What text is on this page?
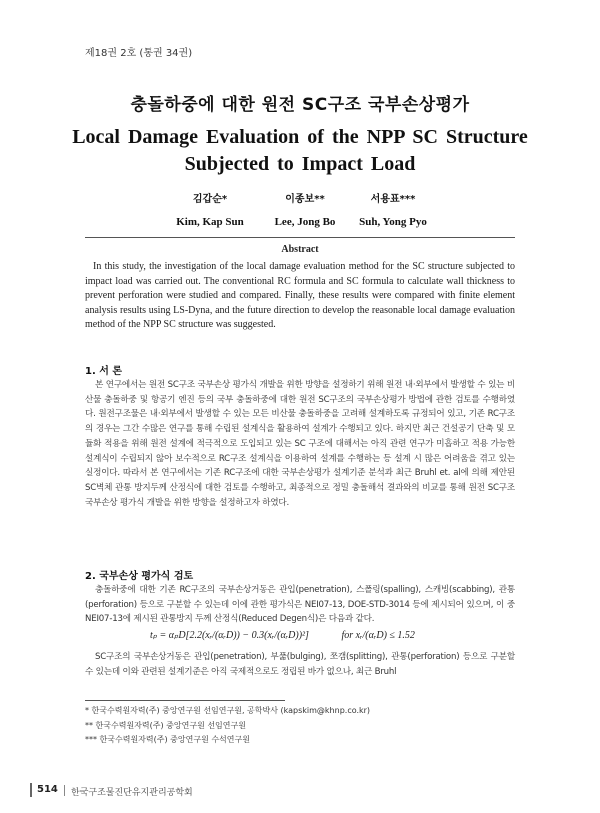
제18권 2호 (통권 34권)
충돌하중에 대한 원전 SC구조 국부손상평가
Local Damage Evaluation of the NPP SC Structure
Subjected to Impact Load
김갑순*
Kim, Kap Sun
이종보**
Lee, Jong Bo
서용표***
Suh, Yong Pyo
Abstract

In this study, the investigation of the local damage evaluation method for the SC structure subjected to impact load was carried out. The conventional RC formula and SC formula to calculate wall thickness to prevent perforation were studied and compared. Finally, these results were compared with finite element analysis results using LS-Dyna, and the future direction to develop the reasonable local damage evaluation method of the NPP SC structure was suggested.

1. 서 론

본 연구에서는 원전 SC구조 국부손상 평가식 개발을 위한 방향을 설정하기 위해 원전 내·외부에서 발생할 수 있는 비산물 충돌하중 및 항공기 엔진 등의 국부 충돌하중에 대한 원전 SC구조의 국부손상평가 방법에 관한 검토를 수행하였다. 원전구조물은 내·외부에서 발생할 수 있는 모든 비산물 충돌하중을 고려해 설계하도록 규정되어 있고, 기존 RC구조의 경우는 그간 수많은 연구를 통해 수립된 설계식을 활용하여 설계가 수행되고 있다. 하지만 최근 건설공기 단축 및 모듈화 적용을 위해 원전 설계에 적극적으로 도입되고 있는 SC 구조에 대해서는 아직 관련 연구가 미흡하고 적용 가능한 설계식이 수립되지 않아 보수적으로 RC구조 설계식을 이용하여 설계를 수행하는 등 설계 시 많은 어려움을 겪고 있는 실정이다. 따라서 본 연구에서는 기존 RC구조에 대한 국부손상평가 설계기준 분석과 최근 Bruhl et. al에 의해 제안된 SC벽체 관통 방지두께 산정식에 대한 검토를 수행하고, 최종적으로 정밀 충돌해석 결과와의 비교를 통해 원전 SC구조 국부손상 평가식 개발을 위한 방향을 설정하고자 하였다.

2. 국부손상 평가식 검토

충돌하중에 대한 기존 RC구조의 국부손상거동은 관입(penetration), 스폴링(spalling), 스캐빙(scabbing), 관통(perforation) 등으로 구분할 수 있는데 이에 관한 평가식은 NEI07-13, DOE-STD-3014 등에 제시되어 있으며, 이 중 NEI07-13에 제시된 관통방지 두께 산정식(Reduced Degen식)은 다음과 같다.

tₚ = αₚD[2.2(xᵣ/(αᵣD)) − 0.3(xᵣ/(αᵣD))²]	for xᵣ/(αᵣD) ≤ 1.52

SC구조의 국부손상거동은 관입(penetration), 부풂(bulging), 쪼갬(splitting), 관통(perforation) 등으로 구분할 수 있는데 이와 관련된 설계기준은 아직 국제적으로도 정립된 바가 없으나, 최근 Bruhl

* 한국수력원자력(주) 중앙연구원 선임연구원, 공학박사 (kapskim@khnp.co.kr)
** 한국수력원자력(주) 중앙연구원 선임연구원
*** 한국수력원자력(주) 중앙연구원 수석연구원
514 한국구조물진단유지관리공학회
